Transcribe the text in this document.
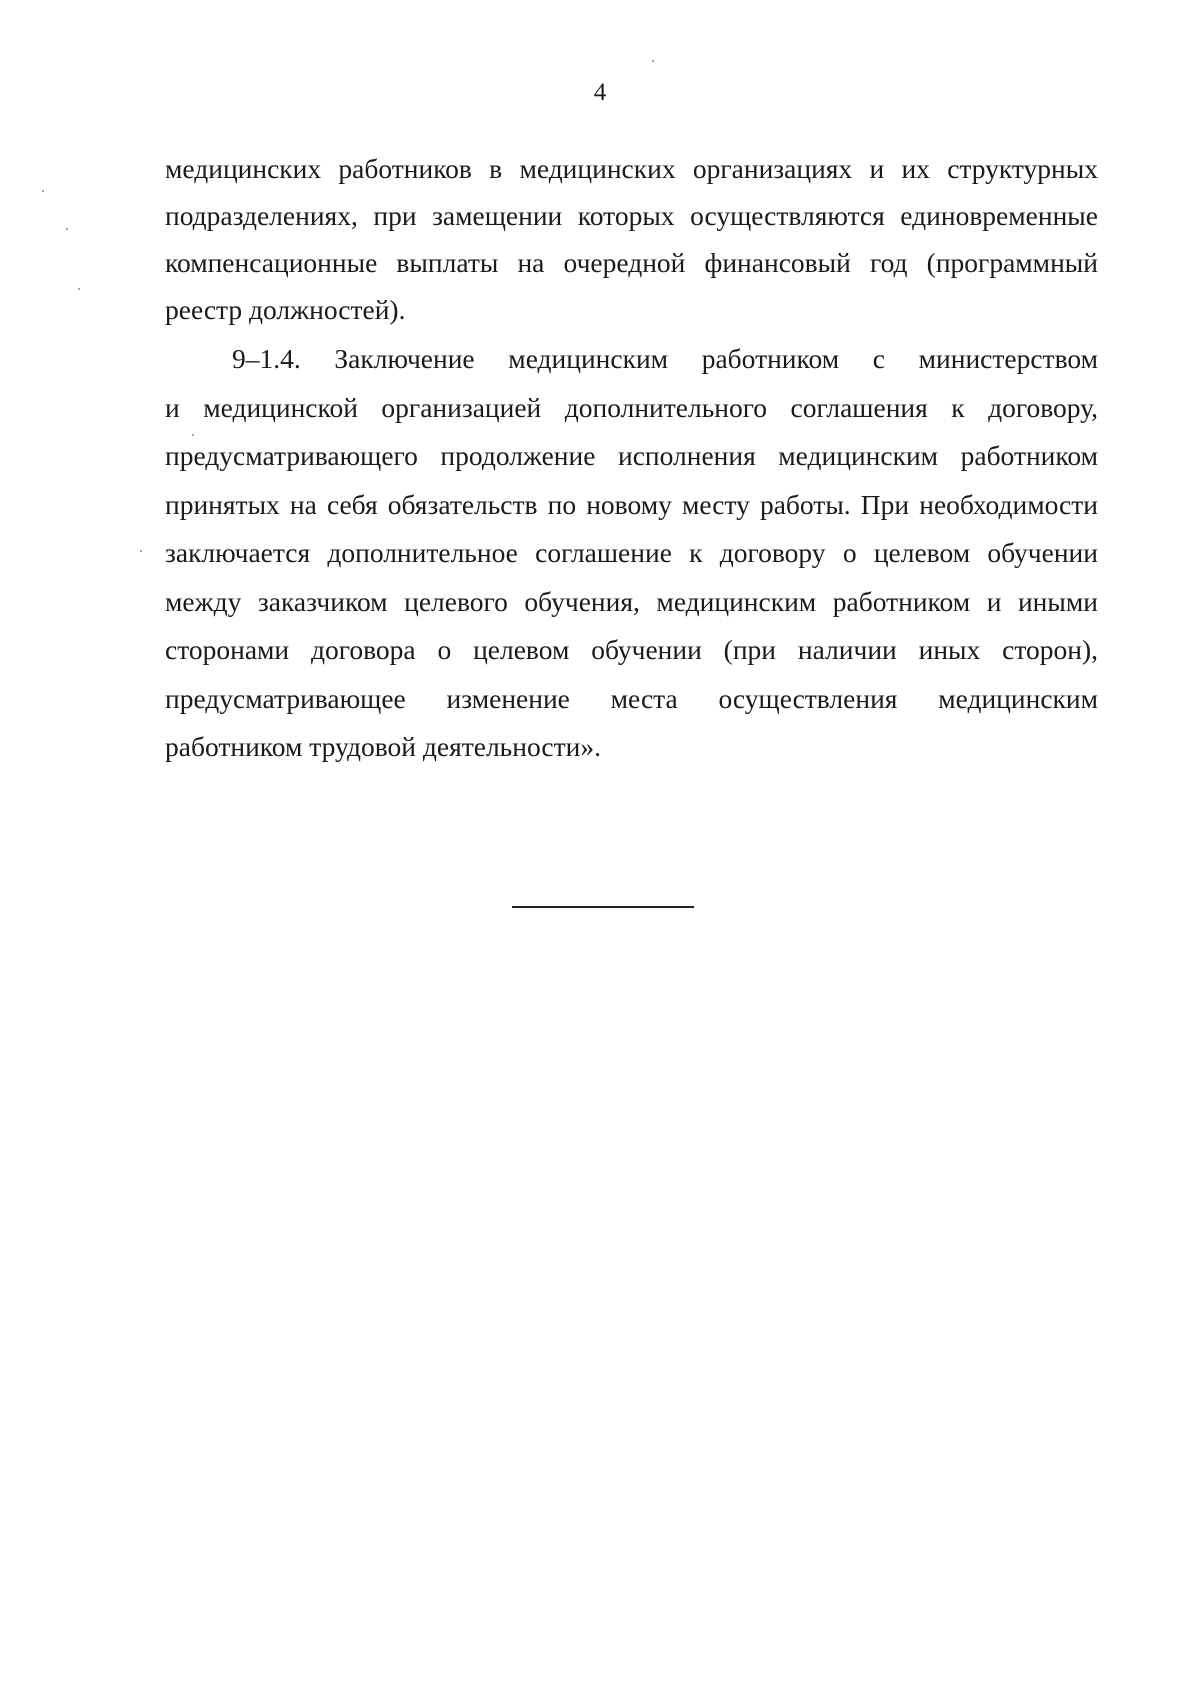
4
медицинских работников в медицинских организациях и их структурных
подразделениях, при замещении которых осуществляются единовременные
компенсационные выплаты на очередной финансовый год (программный
реестр должностей).
9–1.4. Заключение медицинским работником с министерством
и медицинской организацией дополнительного соглашения к договору,
предусматривающего продолжение исполнения медицинским работником
принятых на себя обязательств по новому месту работы. При необходимости
заключается дополнительное соглашение к договору о целевом обучении
между заказчиком целевого обучения, медицинским работником и иными
сторонами договора о целевом обучении (при наличии иных сторон),
предусматривающее изменение места осуществления медицинским
работником трудовой деятельности».
